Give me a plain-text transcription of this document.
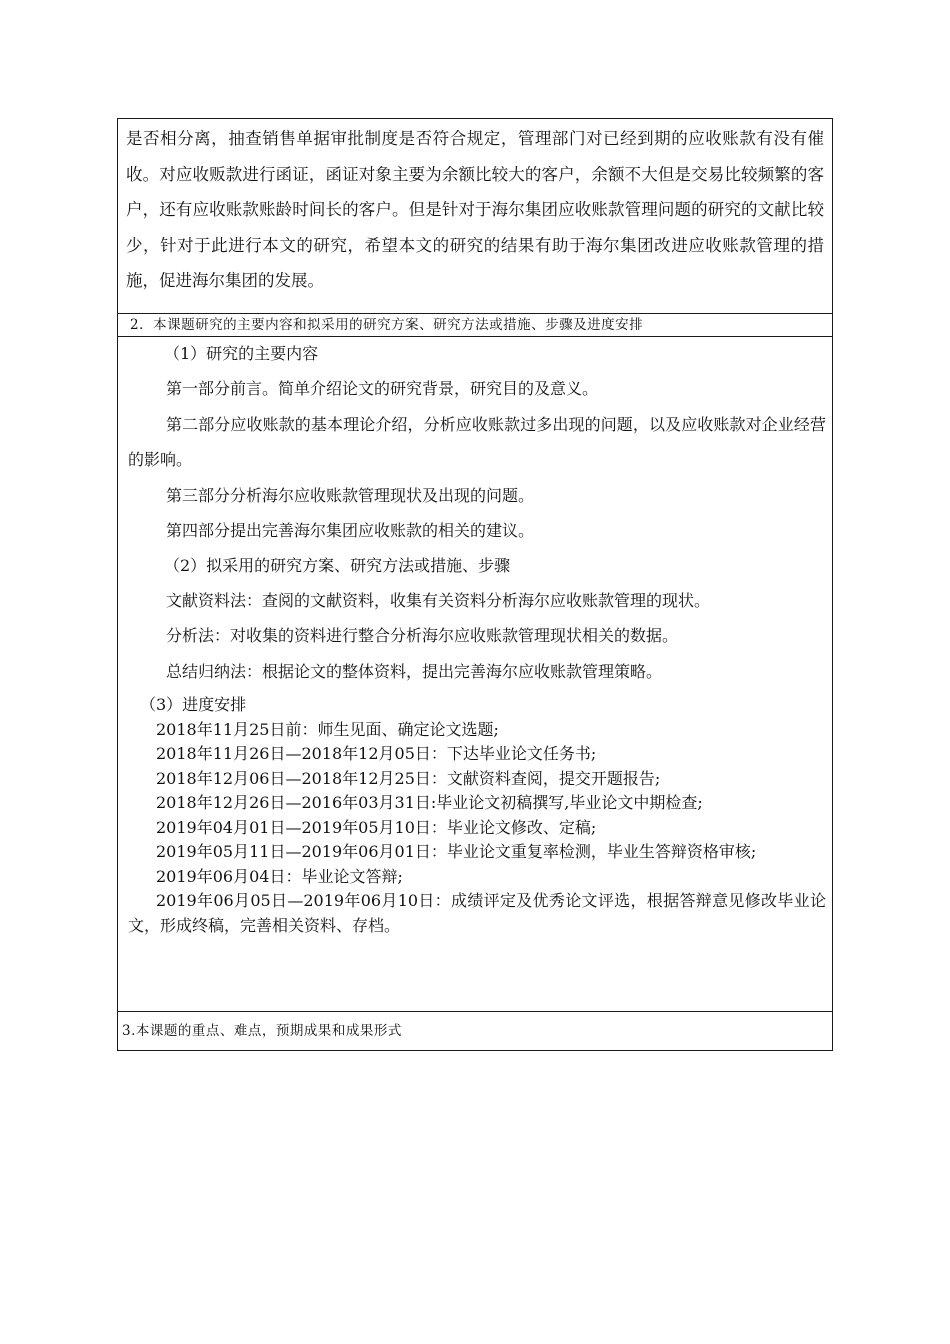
是否相分离，抽查销售单据审批制度是否符合规定，管理部门对已经到期的应收账款有没有催收。对应收贩款进行函证，函证对象主要为余额比较大的客户，余额不大但是交易比较频繁的客户，还有应收账款账龄时间长的客户。但是针对于海尔集团应收账款管理问题的研究的文献比较少，针对于此进行本文的研究，希望本文的研究的结果有助于海尔集团改进应收账款管理的措施，促进海尔集团的发展。

2．本课题研究的主要内容和拟采用的研究方案、研究方法或措施、步骤及进度安排

（1）研究的主要内容

第一部分前言。简单介绍论文的研究背景，研究目的及意义。

第二部分应收账款的基本理论介绍，分析应收账款过多出现的问题，以及应收账款对企业经营的影响。

第三部分分析海尔应收账款管理现状及出现的问题。

第四部分提出完善海尔集团应收账款的相关的建议。

（2）拟采用的研究方案、研究方法或措施、步骤

文献资料法：查阅的文献资料，收集有关资料分析海尔应收账款管理的现状。

分析法：对收集的资料进行整合分析海尔应收账款管理现状相关的数据。

总结归纳法：根据论文的整体资料，提出完善海尔应收账款管理策略。

（3）进度安排

2018年11月25日前：师生见面、确定论文选题;

2018年11月26日—2018年12月05日：下达毕业论文任务书;

2018年12月06日—2018年12月25日：文献资料查阅，提交开题报告;

2018年12月26日—2016年03月31日:毕业论文初稿撰写,毕业论文中期检查;

2019年04月01日—2019年05月10日：毕业论文修改、定稿;

2019年05月11日—2019年06月01日：毕业论文重复率检测，毕业生答辩资格审核;

2019年06月04日：毕业论文答辩;

2019年06月05日—2019年06月10日：成绩评定及优秀论文评选，根据答辩意见修改毕业论文，形成终稿，完善相关资料、存档。

3.本课题的重点、难点，预期成果和成果形式
